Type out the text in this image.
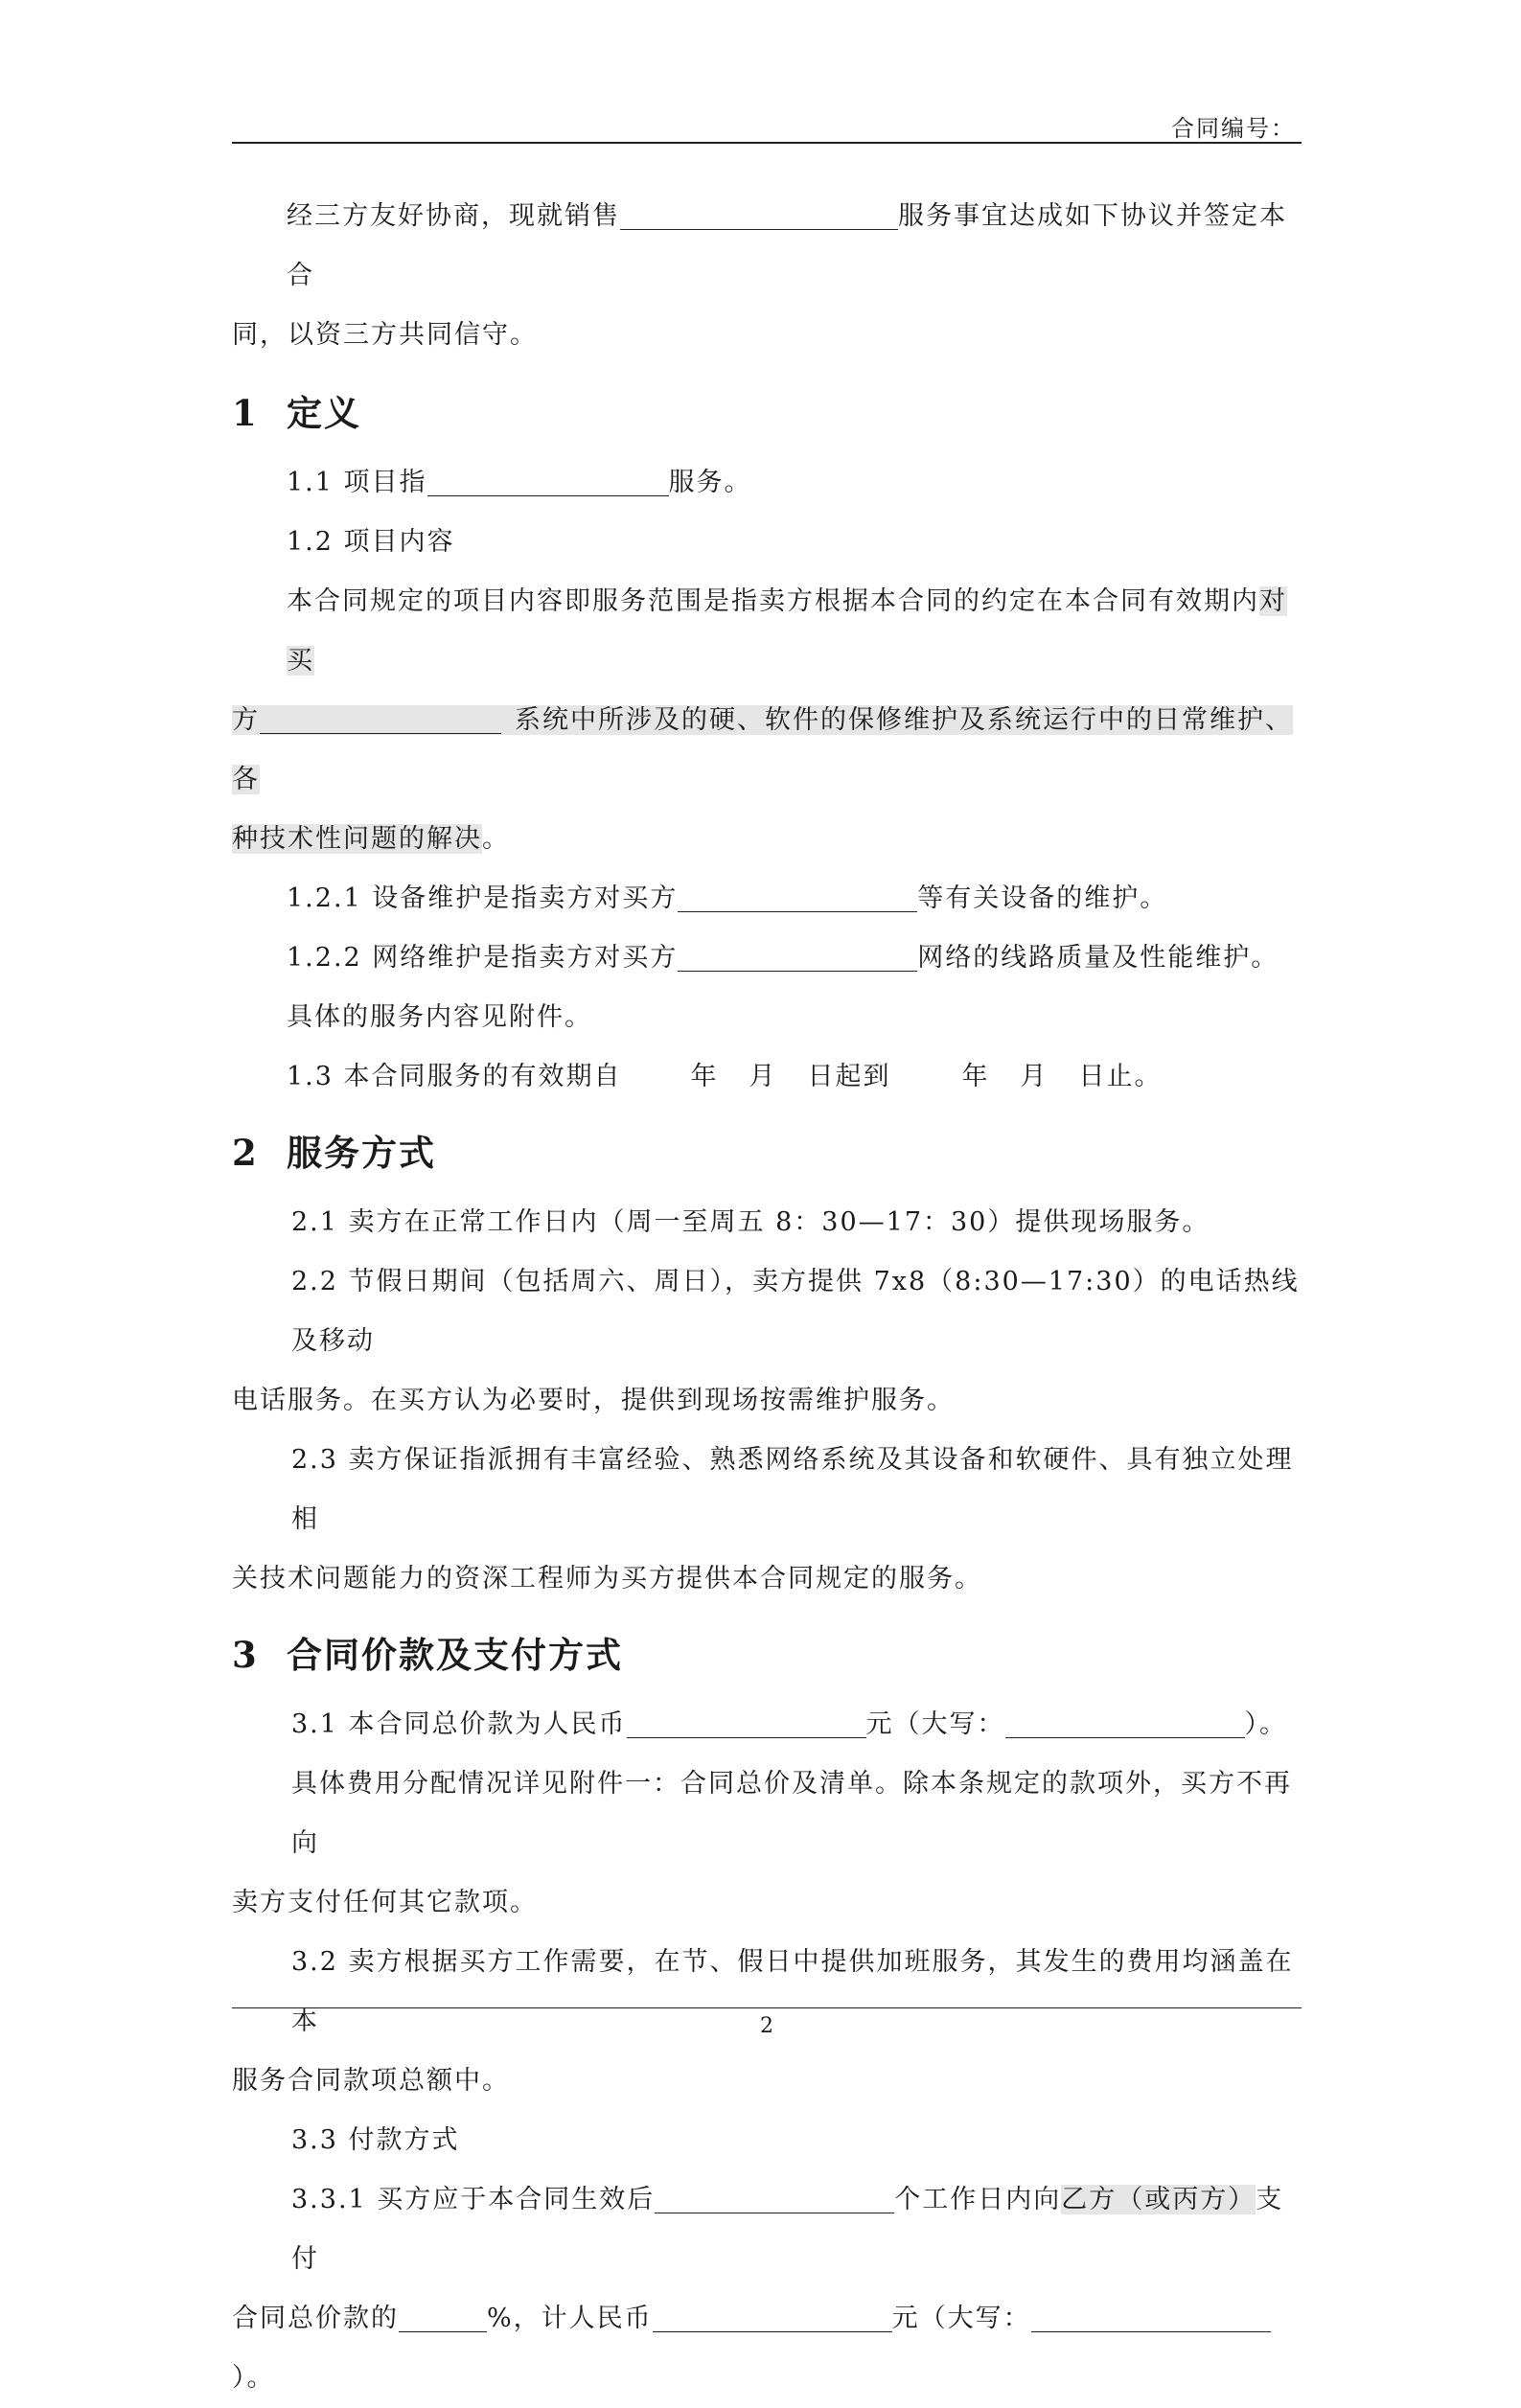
合同编号：

经三方友好协商，现就销售	服务事宜达成如下协议并签定本合

同，以资三方共同信守。

1 定义

1.1 项目指	服务。

1.2 项目内容

本合同规定的项目内容即服务范围是指卖方根据本合同的约定在本合同有效期内对买

方	系统中所涉及的硬、软件的保修维护及系统运行中的日常维护、各

种技术性问题的解决。

1.2.1 设备维护是指卖方对买方	等有关设备的维护。

1.2.2 网络维护是指卖方对买方	网络的线路质量及性能维护。

具体的服务内容见附件。

1.3 本合同服务的有效期自	年 月 日起到	年 月 日止。

2 服务方式

2.1 卖方在正常工作日内（周一至周五 8：30—17：30）提供现场服务。

2.2 节假日期间（包括周六、周日），卖方提供 7x8（8:30—17:30）的电话热线及移动

电话服务。在买方认为必要时，提供到现场按需维护服务。

2.3 卖方保证指派拥有丰富经验、熟悉网络系统及其设备和软硬件、具有独立处理相

关技术问题能力的资深工程师为买方提供本合同规定的服务。

3 合同价款及支付方式

3.1 本合同总价款为人民币	元（大写：	）。

具体费用分配情况详见附件一：合同总价及清单。除本条规定的款项外，买方不再向

卖方支付任何其它款项。

3.2 卖方根据买方工作需要，在节、假日中提供加班服务，其发生的费用均涵盖在本

服务合同款项总额中。

3.3 付款方式

3.3.1 买方应于本合同生效后	个工作日内向乙方（或丙方）支付

合同总价款的	%，计人民币	元（大写：）。

2
